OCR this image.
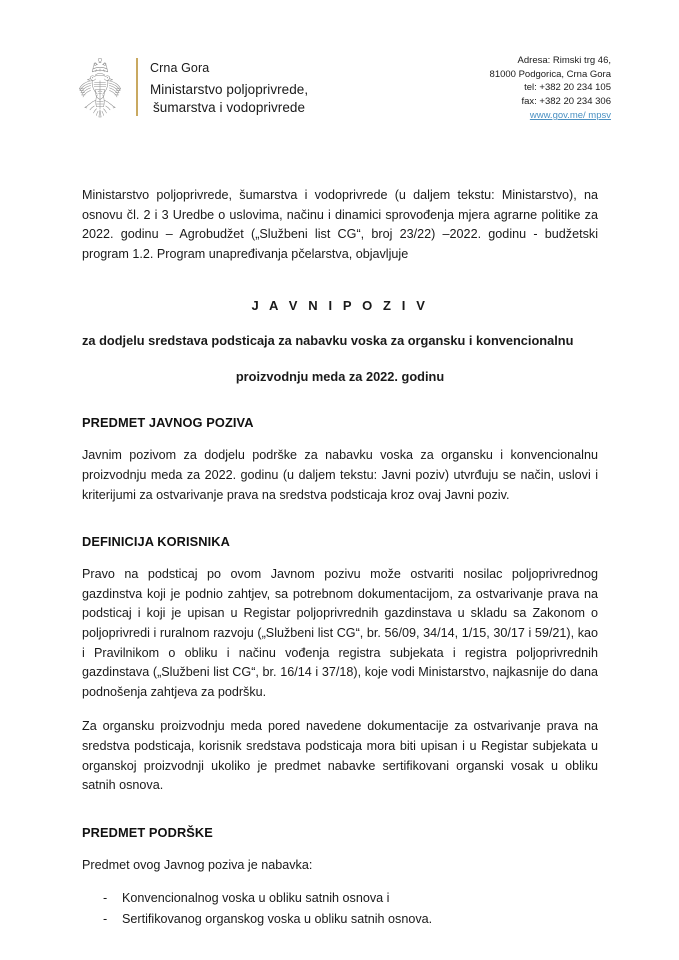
Crna Gora
Ministarstvo poljoprivrede,
šumarstva i vodoprivrede
Adresa: Rimski trg 46,
81000 Podgorica, Crna Gora
tel: +382 20 234 105
fax: +382 20 234 306
www.gov.me/ mpsv

Ministarstvo poljoprivrede, šumarstva i vodoprivrede (u daljem tekstu: Ministarstvo), na osnovu čl. 2 i 3 Uredbe o uslovima, načinu i dinamici sprovođenja mjera agrarne politike za 2022. godinu – Agrobudžet („Službeni list CG“, broj 23/22) –2022. godinu - budžetski program 1.2. Program unapređivanja pčelarstva, objavljuje

J A V N I P O Z I V
za dodjelu sredstava podsticaja za nabavku voska za organsku i konvencionalnu
proizvodnju meda za 2022. godinu
PREDMET JAVNOG POZIVA

Javnim pozivom za dodjelu podrške za nabavku voska za organsku i konvencionalnu proizvodnju meda za 2022. godinu (u daljem tekstu: Javni poziv) utvrđuju se način, uslovi i kriterijumi za ostvarivanje prava na sredstva podsticaja kroz ovaj Javni poziv.

DEFINICIJA KORISNIKA

Pravo na podsticaj po ovom Javnom pozivu može ostvariti nosilac poljoprivrednog gazdinstva koji je podnio zahtjev, sa potrebnom dokumentacijom, za ostvarivanje prava na podsticaj i koji je upisan u Registar poljoprivrednih gazdinstava u skladu sa Zakonom o poljoprivredi i ruralnom razvoju („Službeni list CG“, br. 56/09, 34/14, 1/15, 30/17 i 59/21), kao i Pravilnikom o obliku i načinu vođenja registra subjekata i registra poljoprivrednih gazdinstava („Službeni list CG“, br. 16/14 i 37/18), koje vodi Ministarstvo, najkasnije do dana podnošenja zahtjeva za podršku.

Za organsku proizvodnju meda pored navedene dokumentacije za ostvarivanje prava na sredstva podsticaja, korisnik sredstava podsticaja mora biti upisan i u Registar subjekata u organskoj proizvodnji ukoliko je predmet nabavke sertifikovani organski vosak u obliku satnih osnova.

PREDMET PODRŠKE

Predmet ovog Javnog poziva je nabavka:

- Konvencionalnog voska u obliku satnih osnova i
- Sertifikovanog organskog voska u obliku satnih osnova.
